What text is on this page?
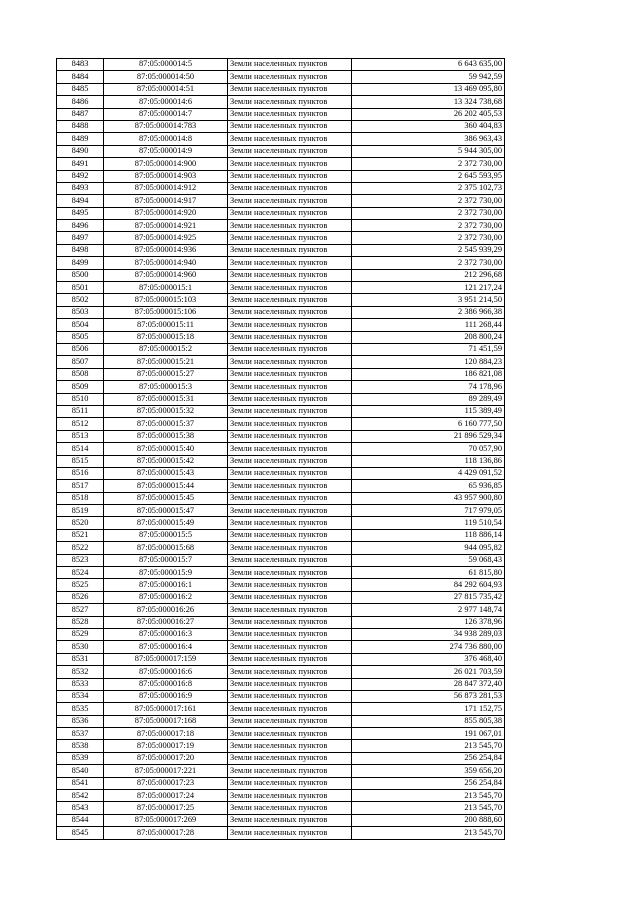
8483	87:05:000014:5	Земли населенных пунктов	6 643 635,00
8484	87:05:000014:50	Земли населенных пунктов	59 942,59
8485	87:05:000014:51	Земли населенных пунктов	13 469 095,80
8486	87:05:000014:6	Земли населенных пунктов	13 324 738,68
8487	87:05:000014:7	Земли населенных пунктов	26 202 405,53
8488	87:05:000014:783	Земли населенных пунктов	360 404,83
8489	87:05:000014:8	Земли населенных пунктов	386 963,43
8490	87:05:000014:9	Земли населенных пунктов	5 944 305,00
8491	87:05:000014:900	Земли населенных пунктов	2 372 730,00
8492	87:05:000014:903	Земли населенных пунктов	2 645 593,95
8493	87:05:000014:912	Земли населенных пунктов	2 375 102,73
8494	87:05:000014:917	Земли населенных пунктов	2 372 730,00
8495	87:05:000014:920	Земли населенных пунктов	2 372 730,00
8496	87:05:000014:921	Земли населенных пунктов	2 372 730,00
8497	87:05:000014:925	Земли населенных пунктов	2 372 730,00
8498	87:05:000014:936	Земли населенных пунктов	2 545 939,29
8499	87:05:000014:940	Земли населенных пунктов	2 372 730,00
8500	87:05:000014:960	Земли населенных пунктов	212 296,68
8501	87:05:000015:1	Земли населенных пунктов	121 217,24
8502	87:05:000015:103	Земли населенных пунктов	3 951 214,50
8503	87:05:000015:106	Земли населенных пунктов	2 386 966,38
8504	87:05:000015:11	Земли населенных пунктов	111 268,44
8505	87:05:000015:18	Земли населенных пунктов	208 800,24
8506	87:05:000015:2	Земли населенных пунктов	71 451,59
8507	87:05:000015:21	Земли населенных пунктов	120 884,23
8508	87:05:000015:27	Земли населенных пунктов	186 821,08
8509	87:05:000015:3	Земли населенных пунктов	74 178,96
8510	87:05:000015:31	Земли населенных пунктов	89 289,49
8511	87:05:000015:32	Земли населенных пунктов	115 389,49
8512	87:05:000015:37	Земли населенных пунктов	6 160 777,50
8513	87:05:000015:38	Земли населенных пунктов	21 896 529,34
8514	87:05:000015:40	Земли населенных пунктов	70 057,90
8515	87:05:000015:42	Земли населенных пунктов	118 136,86
8516	87:05:000015:43	Земли населенных пунктов	4 429 091,52
8517	87:05:000015:44	Земли населенных пунктов	65 936,85
8518	87:05:000015:45	Земли населенных пунктов	43 957 900,80
8519	87:05:000015:47	Земли населенных пунктов	717 979,05
8520	87:05:000015:49	Земли населенных пунктов	119 510,54
8521	87:05:000015:5	Земли населенных пунктов	118 886,14
8522	87:05:000015:68	Земли населенных пунктов	944 095,82
8523	87:05:000015:7	Земли населенных пунктов	59 068,43
8524	87:05:000015:9	Земли населенных пунктов	61 815,80
8525	87:05:000016:1	Земли населенных пунктов	84 292 604,93
8526	87:05:000016:2	Земли населенных пунктов	27 815 735,42
8527	87:05:000016:26	Земли населенных пунктов	2 977 148,74
8528	87:05:000016:27	Земли населенных пунктов	126 378,96
8529	87:05:000016:3	Земли населенных пунктов	34 938 289,03
8530	87:05:000016:4	Земли населенных пунктов	274 736 880,00
8531	87:05:000017:159	Земли населенных пунктов	376 468,40
8532	87:05:000016:6	Земли населенных пунктов	26 021 703,59
8533	87:05:000016:8	Земли населенных пунктов	28 847 372,40
8534	87:05:000016:9	Земли населенных пунктов	56 873 281,53
8535	87:05:000017:161	Земли населенных пунктов	171 152,75
8536	87:05:000017:168	Земли населенных пунктов	855 805,38
8537	87:05:000017:18	Земли населенных пунктов	191 067,01
8538	87:05:000017:19	Земли населенных пунктов	213 545,70
8539	87:05:000017:20	Земли населенных пунктов	256 254,84
8540	87:05:000017:221	Земли населенных пунктов	359 656,20
8541	87:05:000017:23	Земли населенных пунктов	256 254,84
8542	87:05:000017:24	Земли населенных пунктов	213 545,70
8543	87:05:000017:25	Земли населенных пунктов	213 545,70
8544	87:05:000017:269	Земли населенных пунктов	200 888,60
8545	87:05:000017:28	Земли населенных пунктов	213 545,70
